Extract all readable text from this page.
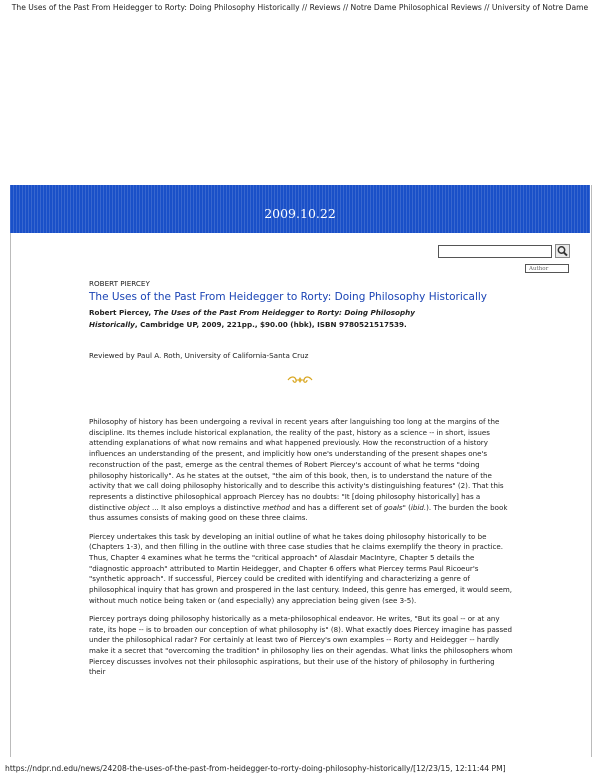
The Uses of the Past From Heidegger to Rorty: Doing Philosophy Historically // Reviews // Notre Dame Philosophical Reviews // University of Notre Dame
2009.10.22
Author
ROBERT PIERCEY
The Uses of the Past From Heidegger to Rorty: Doing Philosophy Historically
Robert Piercey, The Uses of the Past From Heidegger to Rorty: Doing Philosophy Historically, Cambridge UP, 2009, 221pp., $90.00 (hbk), ISBN 9780521517539.
Reviewed by Paul A. Roth, University of California-Santa Cruz

Philosophy of history has been undergoing a revival in recent years after languishing too long at the margins of the discipline. Its themes include historical explanation, the reality of the past, history as a science -- in short, issues attending explanations of what now remains and what happened previously. How the reconstruction of a history influences an understanding of the present, and implicitly how one's understanding of the present shapes one's reconstruction of the past, emerge as the central themes of Robert Piercey's account of what he terms "doing philosophy historically". As he states at the outset, "the aim of this book, then, is to understand the nature of the activity that we call doing philosophy historically and to describe this activity's distinguishing features" (2). That this represents a distinctive philosophical approach Piercey has no doubts: "It [doing philosophy historically] has a distinctive object ... It also employs a distinctive method and has a different set of goals" (ibid.). The burden the book thus assumes consists of making good on these three claims.

Piercey undertakes this task by developing an initial outline of what he takes doing philosophy historically to be (Chapters 1-3), and then filling in the outline with three case studies that he claims exemplify the theory in practice. Thus, Chapter 4 examines what he terms the "critical approach" of Alasdair MacIntyre, Chapter 5 details the "diagnostic approach" attributed to Martin Heidegger, and Chapter 6 offers what Piercey terms Paul Ricoeur's "synthetic approach". If successful, Piercey could be credited with identifying and characterizing a genre of philosophical inquiry that has grown and prospered in the last century. Indeed, this genre has emerged, it would seem, without much notice being taken or (and especially) any appreciation being given (see 3-5).

Piercey portrays doing philosophy historically as a meta-philosophical endeavor. He writes, "But its goal -- or at any rate, its hope -- is to broaden our conception of what philosophy is" (8). What exactly does Piercey imagine has passed under the philosophical radar? For certainly at least two of Piercey's own examples -- Rorty and Heidegger -- hardly make it a secret that "overcoming the tradition" in philosophy lies on their agendas. What links the philosophers whom Piercey discusses involves not their philosophic aspirations, but their use of the history of philosophy in furthering their

https://ndpr.nd.edu/news/24208-the-uses-of-the-past-from-heidegger-to-rorty-doing-philosophy-historically/[12/23/15, 12:11:44 PM]
